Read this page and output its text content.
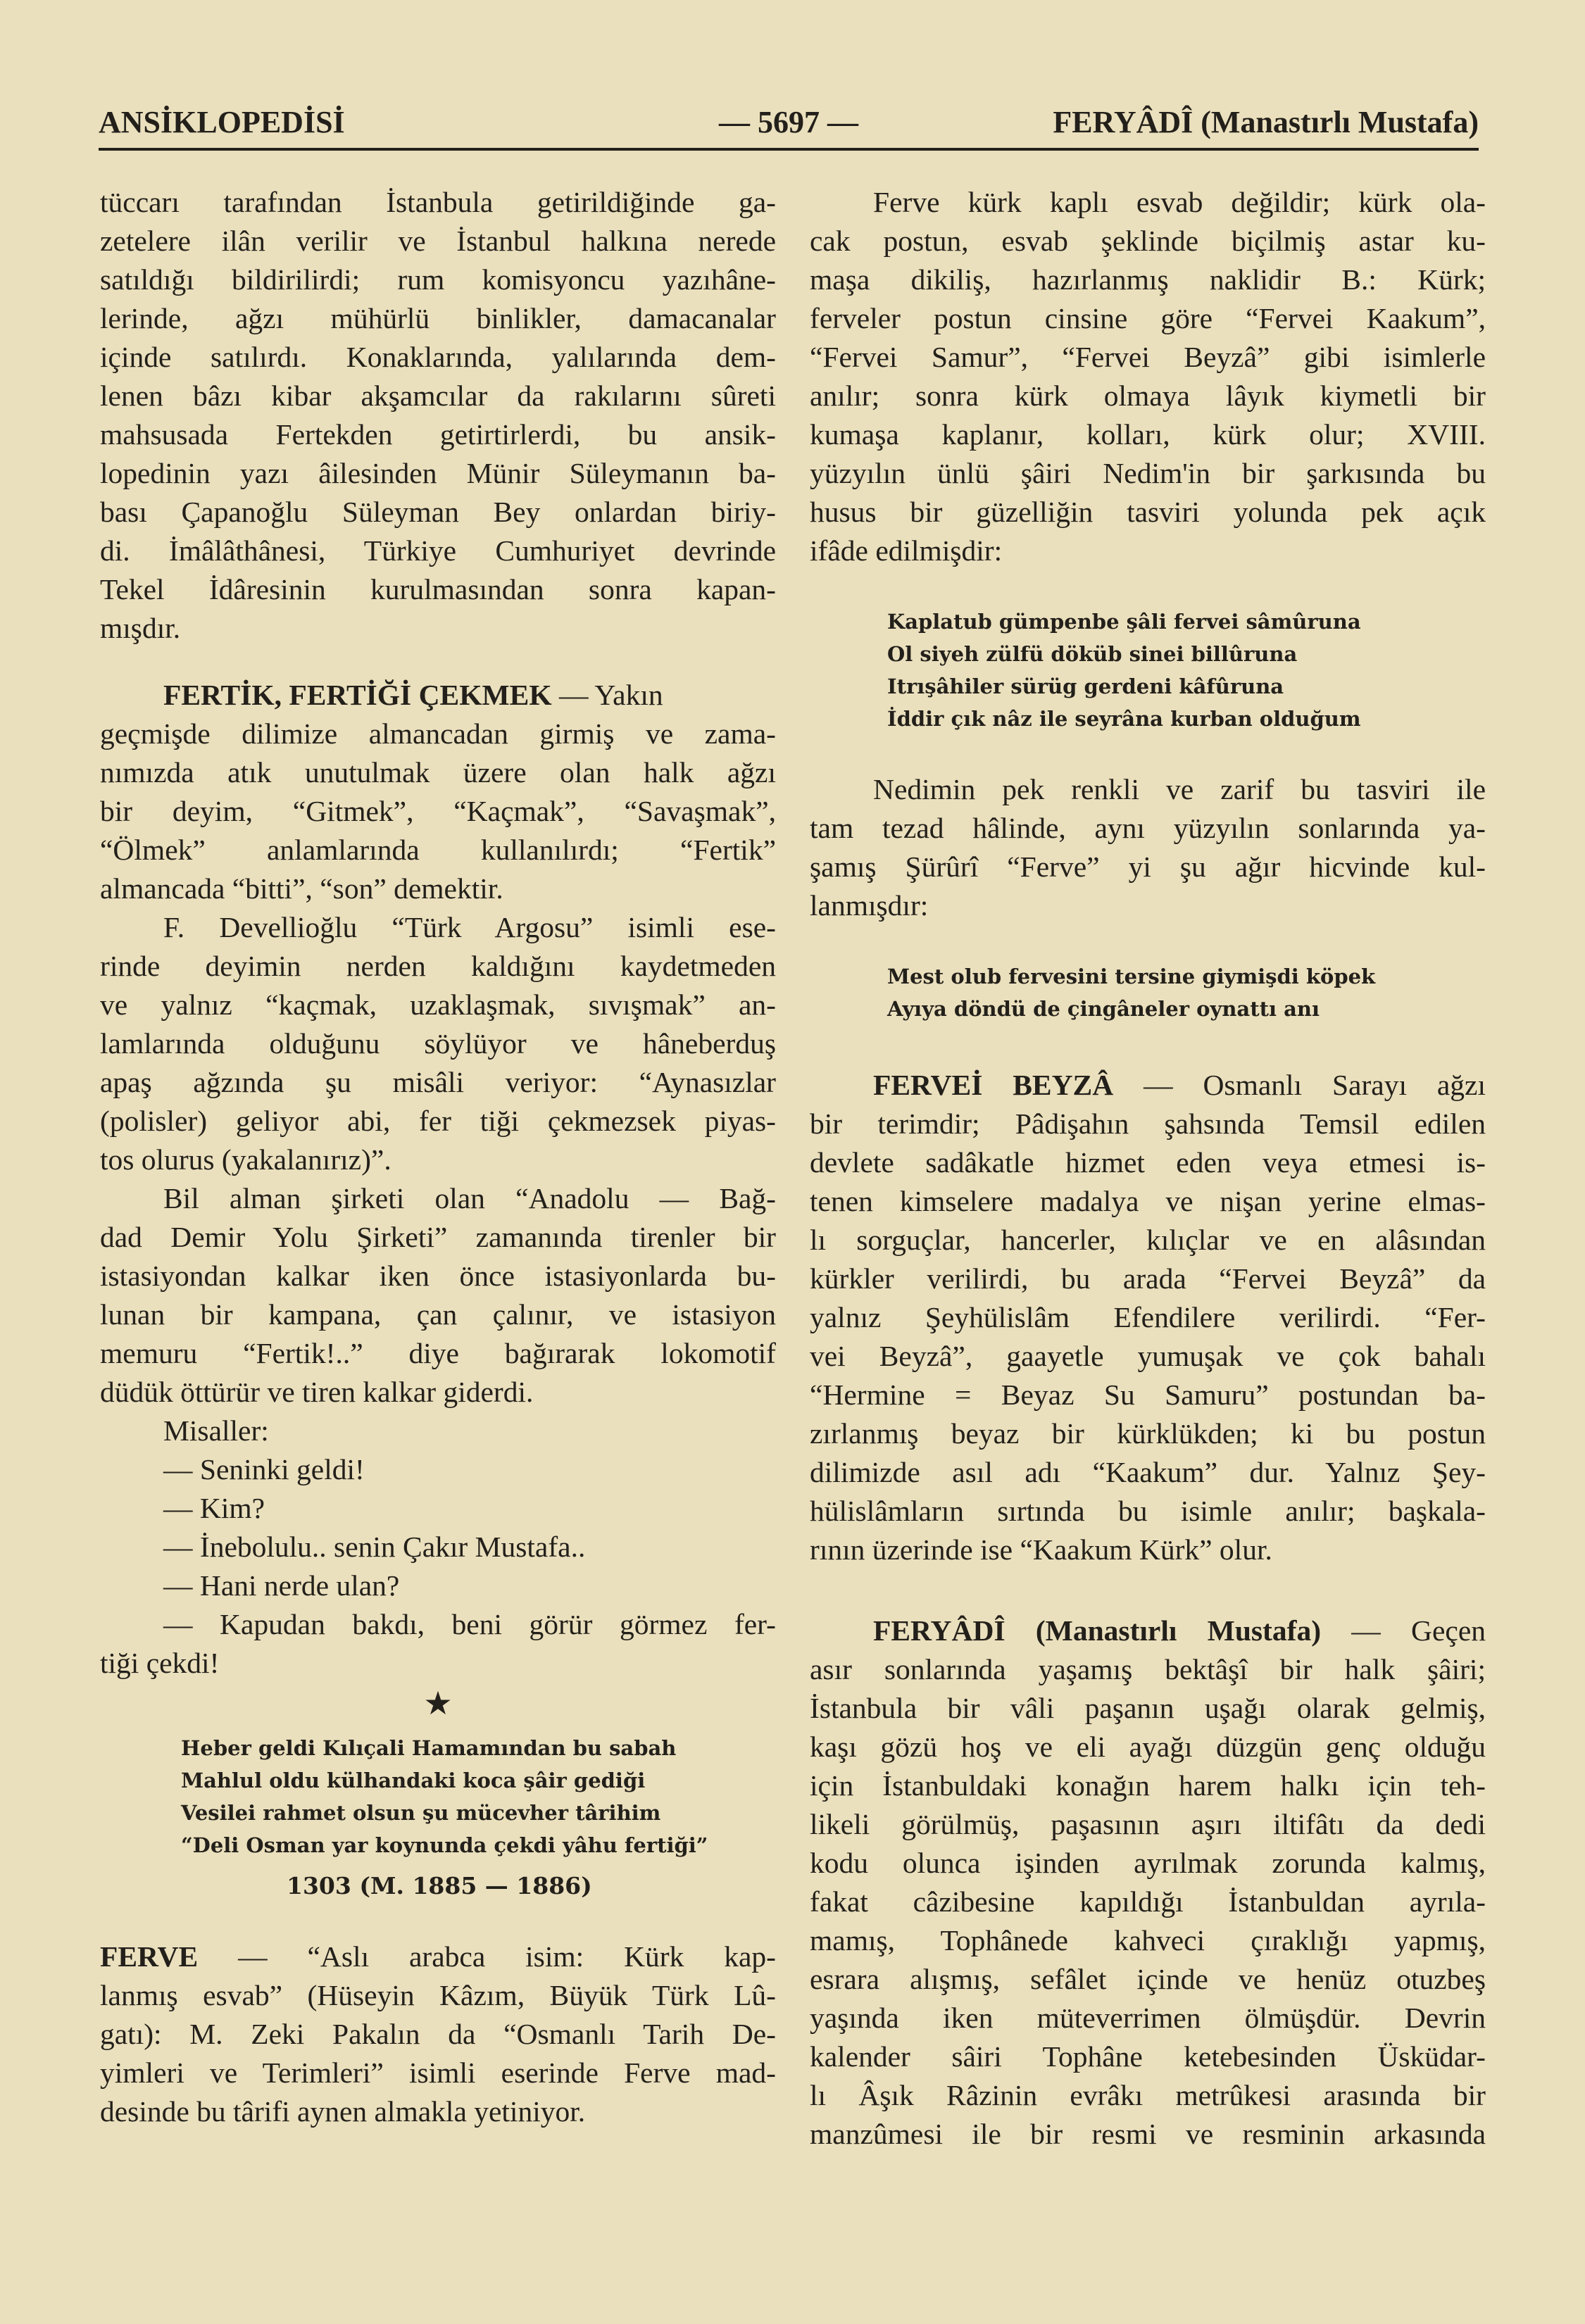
ANSİKLOPEDİSİ	— 5697 —	FERYÂDÎ (Manastırlı Mustafa)
tüccarı tarafından İstanbula getirildiğinde ga-
zetelere ilân verilir ve İstanbul halkına nerede
satıldığı bildirilirdi; rum komisyoncu yazıhâne-
lerinde, ağzı mühürlü binlikler, damacanalar
içinde satılırdı. Konaklarında, yalılarında dem-
lenen bâzı kibar akşamcılar da rakılarını sûreti
mahsusada Fertekden getirtirlerdi, bu ansik-
lopedinin yazı âilesinden Münir Süleymanın ba-
bası Çapanoğlu Süleyman Bey onlardan biriy-
di. İmâlâthânesi, Türkiye Cumhuriyet devrinde
Tekel İdâresinin kurulmasından sonra kapan-
mışdır.
FERTİK, FERTİĞİ ÇEKMEK — Yakın
geçmişde dilimize almancadan girmiş ve zama-
nımızda atık unutulmak üzere olan halk ağzı
bir deyim, “Gitmek”, “Kaçmak”, “Savaşmak”,
“Ölmek” anlamlarında kullanılırdı; “Fertik”
almancada “bitti”, “son” demektir.
F. Devellioğlu “Türk Argosu” isimli ese-
rinde deyimin nerden kaldığını kaydetmeden
ve yalnız “kaçmak, uzaklaşmak, sıvışmak” an-
lamlarında olduğunu söylüyor ve hâneberduş
apaş ağzında şu misâli veriyor: “Aynasızlar
(polisler) geliyor abi, fer tiği çekmezsek piyas-
tos olurus (yakalanırız)”.
Bil alman şirketi olan “Anadolu — Bağ-
dad Demir Yolu Şirketi” zamanında tirenler bir
istasiyondan kalkar iken önce istasiyonlarda bu-
lunan bir kampana, çan çalınır, ve istasiyon
memuru “Fertik!..” diye bağırarak lokomotif
düdük öttürür ve tiren kalkar giderdi.
Misaller:
— Seninki geldi!
— Kim?
— İnebolulu.. senin Çakır Mustafa..
— Hani nerde ulan?
— Kapudan bakdı, beni görür görmez fer-
tiği çekdi!
★
Heber geldi Kılıçali Hamamından bu sabah
Mahlul oldu külhandaki koca şâir gediği
Vesilei rahmet olsun şu mücevher târihim
“Deli Osman yar koynunda çekdi yâhu fertiği”
1303 (M. 1885 — 1886)
FERVE — “Aslı arabca isim: Kürk kap-
lanmış esvab” (Hüseyin Kâzım, Büyük Türk Lû-
gatı): M. Zeki Pakalın da “Osmanlı Tarih De-
yimleri ve Terimleri” isimli eserinde Ferve mad-
desinde bu târifi aynen almakla yetiniyor.
Ferve kürk kaplı esvab değildir; kürk ola-
cak postun, esvab şeklinde biçilmiş astar ku-
maşa dikiliş, hazırlanmış naklidir B.: Kürk;
ferveler postun cinsine göre “Fervei Kaakum”,
“Fervei Samur”, “Fervei Beyzâ” gibi isimlerle
anılır; sonra kürk olmaya lâyık kiymetli bir
kumaşa kaplanır, kolları, kürk olur; XVIII.
yüzyılın ünlü şâiri Nedim'in bir şarkısında bu
husus bir güzelliğin tasviri yolunda pek açık
ifâde edilmişdir:
Kaplatub gümpenbe şâli fervei sâmûruna
Ol siyeh zülfü döküb sinei billûruna
Itrışâhiler sürüg gerdeni kâfûruna
İddir çık nâz ile seyrâna kurban olduğum
Nedimin pek renkli ve zarif bu tasviri ile
tam tezad hâlinde, aynı yüzyılın sonlarında ya-
şamış Şürûrî “Ferve” yi şu ağır hicvinde kul-
lanmışdır:
Mest olub fervesini tersine giymişdi köpek
Ayıya döndü de çingâneler oynattı anı
FERVEİ BEYZÂ — Osmanlı Sarayı ağzı
bir terimdir; Pâdişahın şahsında Temsil edilen
devlete sadâkatle hizmet eden veya etmesi is-
tenen kimselere madalya ve nişan yerine elmas-
lı sorguçlar, hancerler, kılıçlar ve en alâsından
kürkler verilirdi, bu arada “Fervei Beyzâ” da
yalnız Şeyhülislâm Efendilere verilirdi. “Fer-
vei Beyzâ”, gaayetle yumuşak ve çok bahalı
“Hermine = Beyaz Su Samuru” postundan ba-
zırlanmış beyaz bir kürklükden; ki bu postun
dilimizde asıl adı “Kaakum” dur. Yalnız Şey-
hülislâmların sırtında bu isimle anılır; başkala-
rının üzerinde ise “Kaakum Kürk” olur.
FERYÂDÎ (Manastırlı Mustafa) — Geçen
asır sonlarında yaşamış bektâşî bir halk şâiri;
İstanbula bir vâli paşanın uşağı olarak gelmiş,
kaşı gözü hoş ve eli ayağı düzgün genç olduğu
için İstanbuldaki konağın harem halkı için teh-
likeli görülmüş, paşasının aşırı iltifâtı da dedi
kodu olunca işinden ayrılmak zorunda kalmış,
fakat câzibesine kapıldığı İstanbuldan ayrıla-
mamış, Tophânede kahveci çıraklığı yapmış,
esrara alışmış, sefâlet içinde ve henüz otuzbeş
yaşında iken müteverrimen ölmüşdür. Devrin
kalender sâiri Tophâne ketebesinden Üsküdar-
lı Âşık Râzinin evrâkı metrûkesi arasında bir
manzûmesi ile bir resmi ve resminin arkasında
